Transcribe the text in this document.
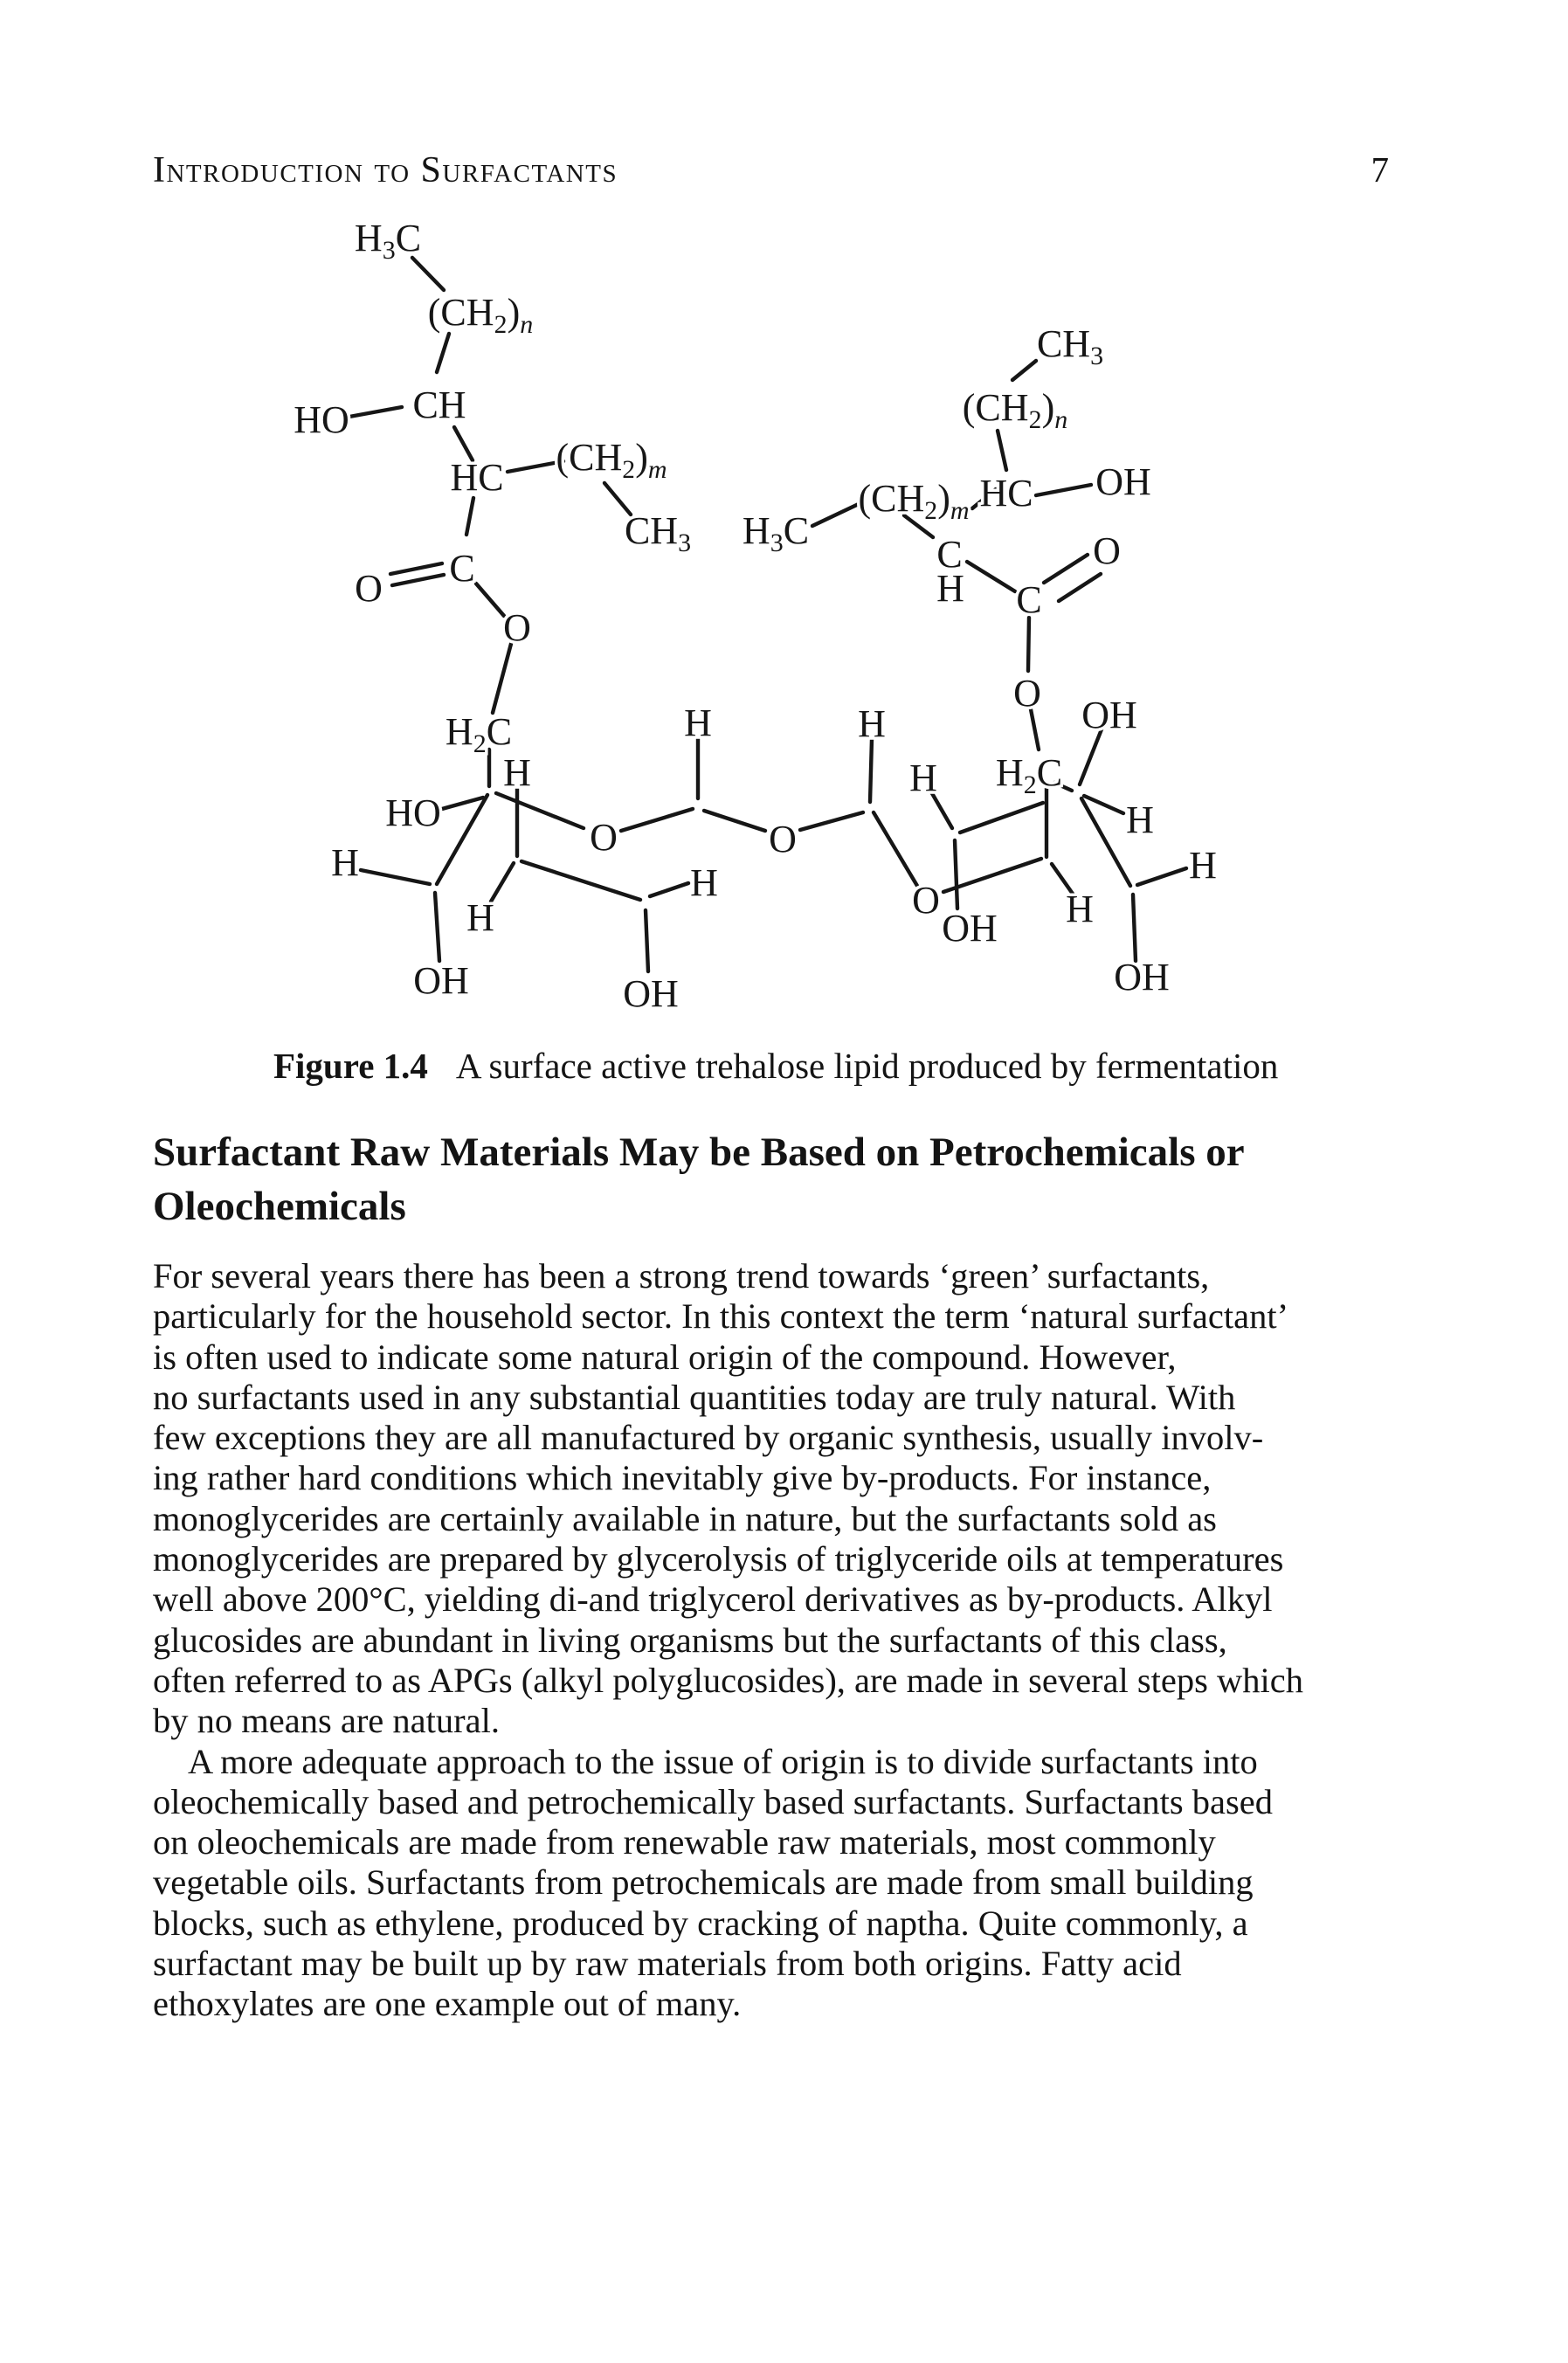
Introduction to Surfactants	7
$H_3C$
$(CH_2)_n$
HO CH
HC $(CH_2)_m$
$CH_3$
O C
O
$H_2C$
HO
H
H
H
O
H
H
OH	OH
O
H
H
O
OH
$H_2C$
O
OH
H
H
H
OH
$CH_3$
$(CH_2)_n$
HC OH
$(CH_2)_m$
$H_3C$
C
H C
O
Figure 1.4 A surface active trehalose lipid produced by fermentation
Surfactant Raw Materials May be Based on Petrochemicals or
Oleochemicals
For several years there has been a strong trend towards ‘green’ surfactants,
particularly for the household sector. In this context the term ‘natural surfactant’
is often used to indicate some natural origin of the compound. However,
no surfactants used in any substantial quantities today are truly natural. With
few exceptions they are all manufactured by organic synthesis, usually involv-
ing rather hard conditions which inevitably give by-products. For instance,
monoglycerides are certainly available in nature, but the surfactants sold as
monoglycerides are prepared by glycerolysis of triglyceride oils at temperatures
well above 200°C, yielding di-and triglycerol derivatives as by-products. Alkyl
glucosides are abundant in living organisms but the surfactants of this class,
often referred to as APGs (alkyl polyglucosides), are made in several steps which
by no means are natural.
A more adequate approach to the issue of origin is to divide surfactants into
oleochemically based and petrochemically based surfactants. Surfactants based
on oleochemicals are made from renewable raw materials, most commonly
vegetable oils. Surfactants from petrochemicals are made from small building
blocks, such as ethylene, produced by cracking of naptha. Quite commonly, a
surfactant may be built up by raw materials from both origins. Fatty acid
ethoxylates are one example out of many.
